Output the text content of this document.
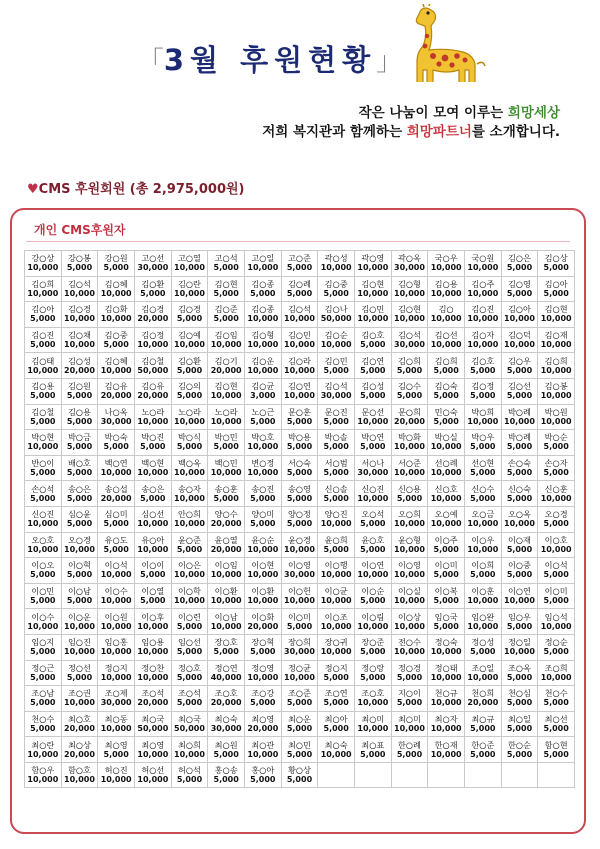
「3월 후원현황」
작은 나눔이 모여 이루는 희망세상
저희 복지관과 함께하는 희망파트너를 소개합니다.
♥CMS 후원회원 (총 2,975,000원)
개인 CMS후원자
강○상
10,000
강○봉
5,000
강○원
5,000
고○선
30,000
고○열
10,000
고○석
5,000
고○일
10,000
고○준
5,000
곽○성
10,000
곽○영
10,000
곽○옥
30,000
국○우
10,000
국○원
10,000
김○은
5,000
김○상
5,000
김○희
10,000
김○석
10,000
김○혜
10,000
김○환
5,000
김○란
10,000
김○현
5,000
김○종
5,000
김○례
5,000
김○중
5,000
김○현
10,000
김○형
10,000
김○용
10,000
김○주
10,000
김○영
5,000
김○아
5,000
김○아
5,000
김○경
10,000
김○화
10,000
김○경
20,000
김○경
5,000
김○준
5,000
김○종
10,000
김○석
10,000
김○나
50,000
김○민
10,000
김○현
10,000
김○
10,000
김○진
10,000
김○아
10,000
김○현
10,000
김○진
5,000
김○채
10,000
김○중
5,000
김○정
10,000
김○예
10,000
김○임
10,000
김○형
10,000
김○민
10,000
김○순
10,000
김○호
5,000
김○석
30,000
김○선
10,000
김○자
10,000
김○덕
10,000
김○재
10,000
김○태
10,000
김○성
20,000
김○혜
10,000
김○철
50,000
김○환
5,000
김○기
20,000
김○운
10,000
김○라
10,000
김○민
5,000
김○연
5,000
김○희
5,000
김○희
5,000
김○호
5,000
김○우
5,000
김○희
10,000
김○용
5,000
김○원
5,000
김○유
20,000
김○유
20,000
김○의
5,000
김○현
10,000
김○균
3,000
김○연
10,000
김○석
30,000
김○성
5,000
김○수
5,000
김○숙
5,000
김○정
5,000
김○선
5,000
김○봉
10,000
김○철
5,000
김○용
5,000
나○옥
30,000
노○라
10,000
노○라
10,000
노○라
10,000
노○근
5,000
문○훈
5,000
문○진
5,000
문○선
10,000
문○희
20,000
민○숙
5,000
박○희
10,000
박○례
10,000
박○원
10,000
박○현
10,000
박○금
5,000
박○숙
5,000
박○진
5,000
박○식
5,000
박○민
5,000
박○호
10,000
박○용
5,000
박○솔
5,000
박○연
5,000
박○화
10,000
박○실
10,000
박○우
5,000
박○례
5,000
박○순
5,000
반○이
5,000
배○호
5,000
백○연
10,000
백○현
10,000
백○옥
10,000
백○민
10,000
변○정
10,000
서○숙
5,000
서○범
5,000
서○나
30,000
서○준
10,000
선○례
10,000
선○현
5,000
손○숙
5,000
손○자
5,000
손○석
5,000
송○은
5,000
송○섭
20,000
송○은
5,000
송○자
10,000
송○훈
5,000
송○진
5,000
송○영
5,000
신○솔
5,000
신○진
10,000
신○용
5,000
신○호
10,000
신○수
5,000
신○숙
5,000
신○훈
10,000
신○진
10,000
심○윤
5,000
심○미
5,000
심○선
10,000
안○희
10,000
양○수
20,000
양○미
5,000
양○정
5,000
양○진
10,000
오○석
5,000
오○희
10,000
오○예
10,000
오○금
10,000
오○옥
10,000
오○경
5,000
오○호
10,000
오○경
10,000
유○도
5,000
유○아
10,000
윤○준
5,000
윤○열
20,000
윤○순
10,000
윤○경
10,000
윤○희
5,000
윤○호
5,000
윤○형
10,000
이○주
5,000
이○우
10,000
이○재
5,000
이○호
10,000
이○오
5,000
이○혁
5,000
이○석
10,000
이○이
5,000
이○은
10,000
이○임
10,000
이○현
10,000
이○영
30,000
이○행
10,000
이○연
10,000
이○영
10,000
이○미
5,000
이○희
5,000
이○중
5,000
이○석
5,000
이○민
5,000
이○남
5,000
이○수
10,000
이○열
5,000
이○학
10,000
이○환
10,000
이○환
10,000
이○헌
10,000
이○균
10,000
이○순
5,000
이○실
10,000
이○복
5,000
이○훈
10,000
이○연
10,000
이○미
5,000
이○수
10,000
이○운
10,000
이○원
10,000
이○후
10,000
이○련
5,000
이○남
10,000
이○화
20,000
이○미
5,000
이○조
10,000
이○림
10,000
이○상
10,000
임○국
5,000
임○완
10,000
임○우
5,000
임○석
10,000
임○지
5,000
임○진
10,000
임○홍
10,000
임○용
10,000
임○선
5,000
장○호
5,000
장○혁
5,000
장○희
30,000
장○귀
10,000
장○준
5,000
전○수
10,000
정○숙
10,000
정○성
5,000
정○일
10,000
정○순
5,000
정○근
5,000
정○선
5,000
정○지
10,000
정○찬
10,000
정○호
5,000
정○연
40,000
정○영
10,000
정○균
10,000
정○지
5,000
정○랑
5,000
정○경
5,000
정○태
10,000
조○일
10,000
조○옥
5,000
조○희
10,000
조○남
5,000
조○권
10,000
조○제
30,000
조○석
20,000
조○석
5,000
조○호
20,000
조○강
5,000
조○준
5,000
조○연
5,000
조○호
10,000
지○이
5,000
천○규
10,000
천○희
20,000
천○심
5,000
천○수
5,000
천○수
5,000
최○호
20,000
최○동
10,000
최○국
50,000
최○국
50,000
최○숙
30,000
최○영
20,000
최○운
5,000
최○아
5,000
최○미
10,000
최○미
10,000
최○자
10,000
최○규
5,000
최○일
5,000
최○선
5,000
최○란
10,000
최○상
20,000
최○영
5,000
최○영
10,000
최○희
10,000
최○원
5,000
최○관
10,000
최○민
5,000
최○숙
10,000
최○표
5,000
한○례
5,000
한○재
10,000
한○준
5,000
한○순
5,000
함○현
5,000
함○우
10,000
함○호
10,000
허○진
10,000
허○선
10,000
허○석
5,000
홍○송
5,000
홍○아
5,000
황○상
5,000
